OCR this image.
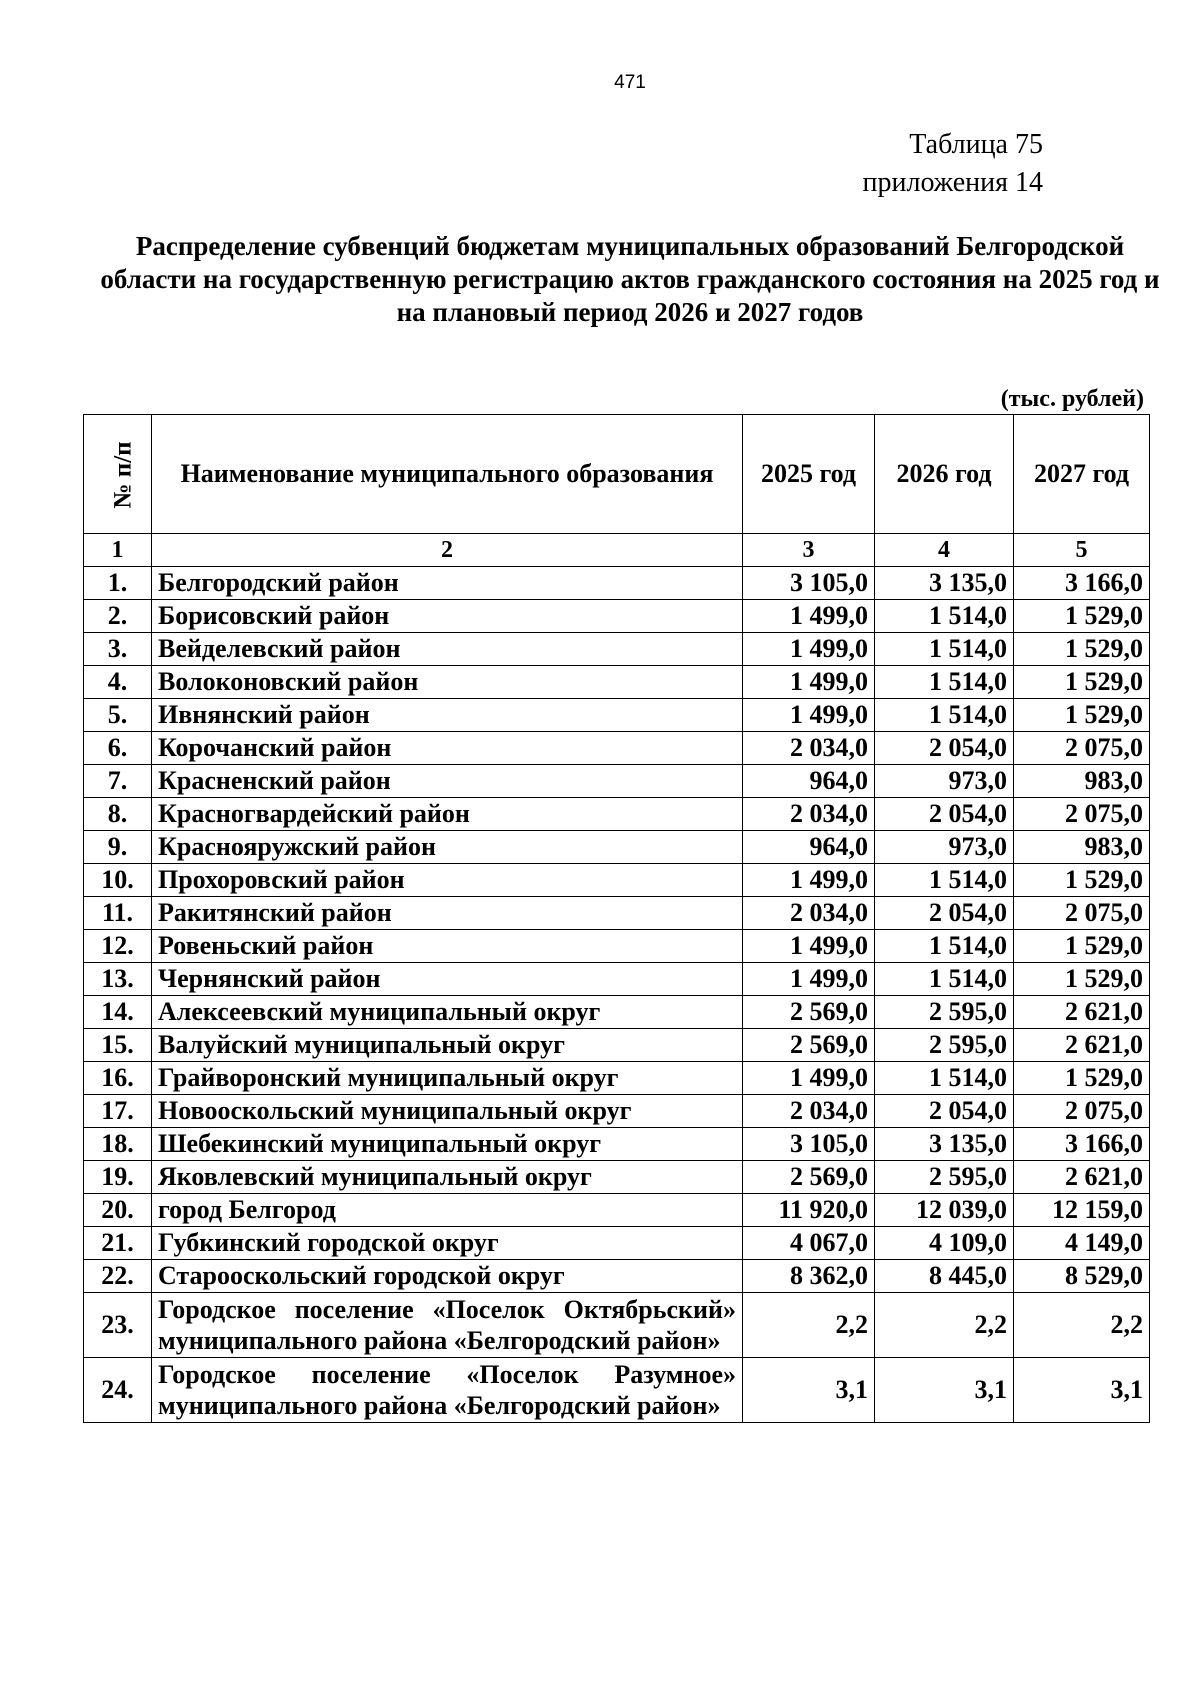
471
Таблица 75
приложения 14
Распределение субвенций бюджетам муниципальных образований Белгородской области на государственную регистрацию актов гражданского состояния на 2025 год и на плановый период 2026 и 2027 годов
(тыс. рублей)
№ п/п	Наименование муниципального образования	2025 год	2026 год	2027 год
1	2	3	4	5
1.	Белгородский район	3 105,0	3 135,0	3 166,0
2.	Борисовский район	1 499,0	1 514,0	1 529,0
3.	Вейделевский район	1 499,0	1 514,0	1 529,0
4.	Волоконовский район	1 499,0	1 514,0	1 529,0
5.	Ивнянский район	1 499,0	1 514,0	1 529,0
6.	Корочанский район	2 034,0	2 054,0	2 075,0
7.	Красненский район	964,0	973,0	983,0
8.	Красногвардейский район	2 034,0	2 054,0	2 075,0
9.	Краснояружский район	964,0	973,0	983,0
10.	Прохоровский район	1 499,0	1 514,0	1 529,0
11.	Ракитянский район	2 034,0	2 054,0	2 075,0
12.	Ровеньский район	1 499,0	1 514,0	1 529,0
13.	Чернянский район	1 499,0	1 514,0	1 529,0
14.	Алексеевский муниципальный округ	2 569,0	2 595,0	2 621,0
15.	Валуйский муниципальный округ	2 569,0	2 595,0	2 621,0
16.	Грайворонский муниципальный округ	1 499,0	1 514,0	1 529,0
17.	Новооскольский муниципальный округ	2 034,0	2 054,0	2 075,0
18.	Шебекинский муниципальный округ	3 105,0	3 135,0	3 166,0
19.	Яковлевский муниципальный округ	2 569,0	2 595,0	2 621,0
20.	город Белгород	11 920,0	12 039,0	12 159,0
21.	Губкинский городской округ	4 067,0	4 109,0	4 149,0
22.	Старооскольский городской округ	8 362,0	8 445,0	8 529,0
23.	Городское поселение «Поселок Октябрьский» муниципального района «Белгородский район»	2,2	2,2	2,2
24.	Городское поселение «Поселок Разумное» муниципального района «Белгородский район»	3,1	3,1	3,1
